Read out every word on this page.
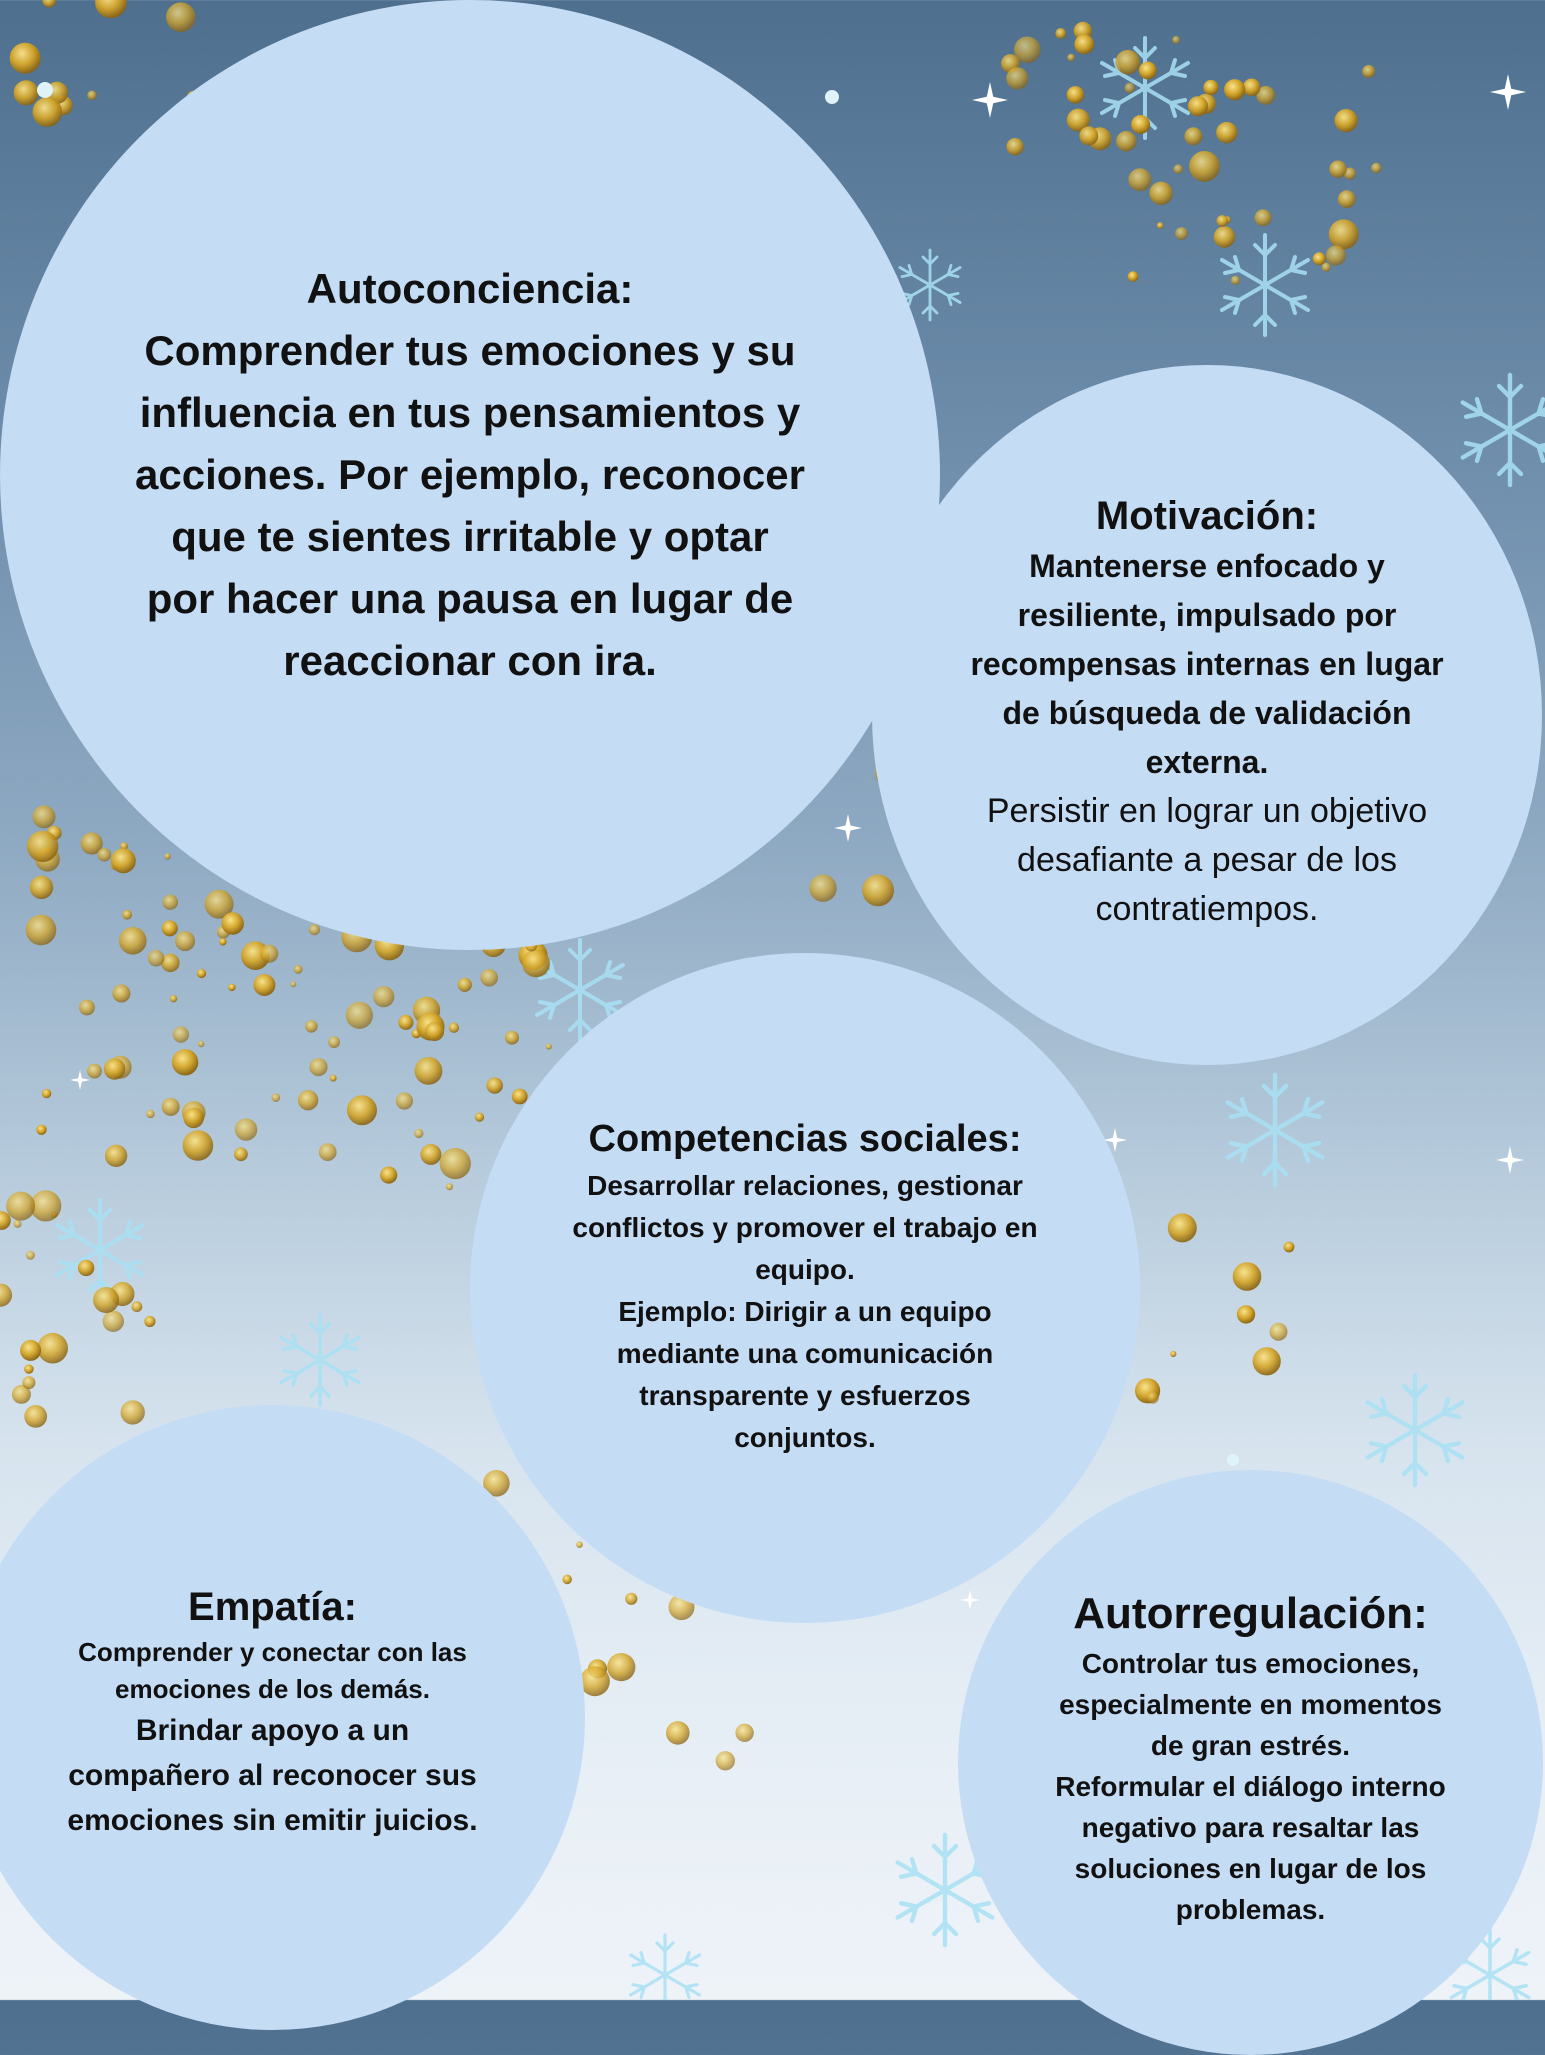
Autoconciencia:
Comprender tus emociones y su
influencia en tus pensamientos y
acciones. Por ejemplo, reconocer
que te sientes irritable y optar
por hacer una pausa en lugar de
reaccionar con ira.
Motivación:
Mantenerse enfocado y
resiliente, impulsado por
recompensas internas en lugar
de búsqueda de validación
externa.
Persistir en lograr un objetivo
desafiante a pesar de los
contratiempos.
Competencias sociales:
Desarrollar relaciones, gestionar
conflictos y promover el trabajo en
equipo.
Ejemplo: Dirigir a un equipo
mediante una comunicación
transparente y esfuerzos
conjuntos.
Empatía:
Comprender y conectar con las
emociones de los demás.
Brindar apoyo a un
compañero al reconocer sus
emociones sin emitir juicios.
Autorregulación:
Controlar tus emociones,
especialmente en momentos
de gran estrés.
Reformular el diálogo interno
negativo para resaltar las
soluciones en lugar de los
problemas.
